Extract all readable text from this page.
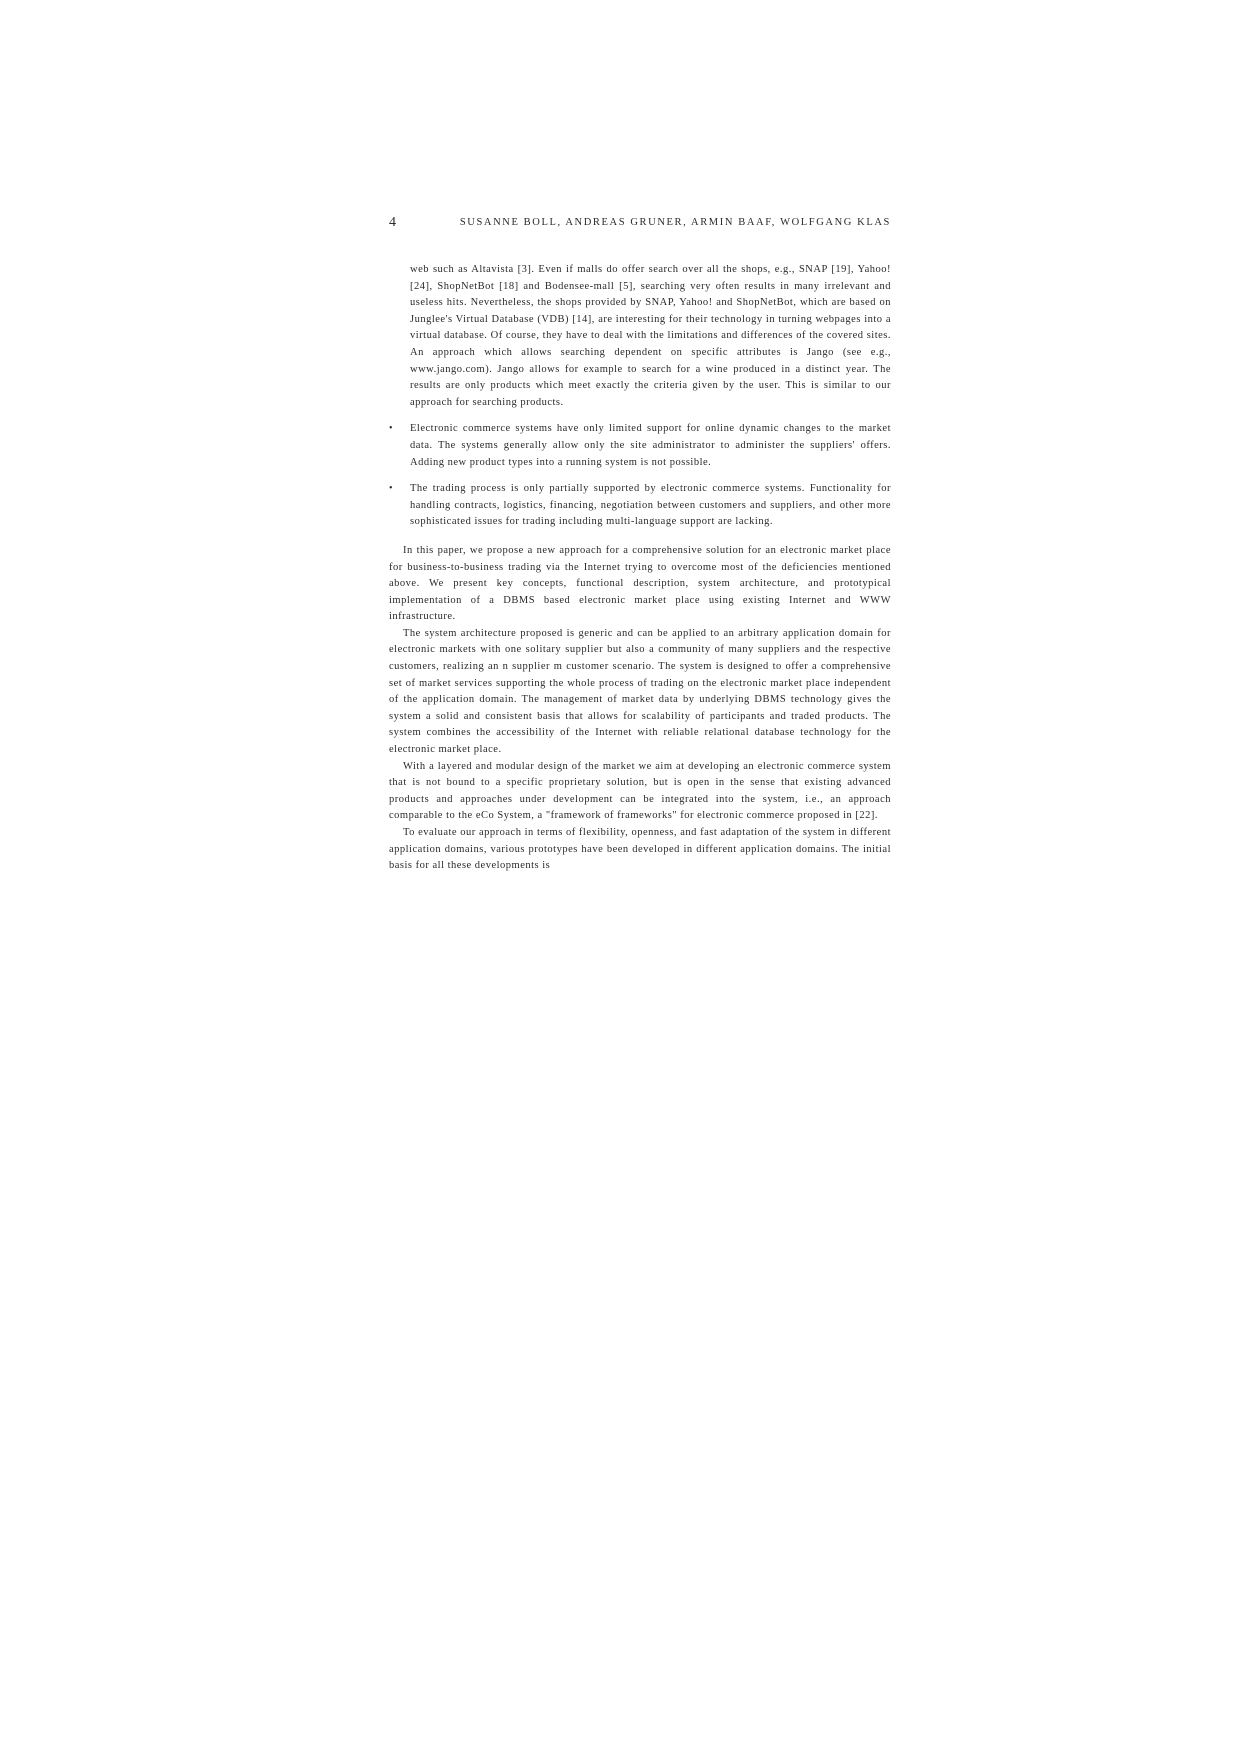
4	SUSANNE BOLL, ANDREAS GRUNER, ARMIN BAAF, WOLFGANG KLAS

web such as Altavista [3]. Even if malls do offer search over all the shops, e.g., SNAP [19], Yahoo! [24], ShopNetBot [18] and Bodensee-mall [5], searching very often results in many irrelevant and useless hits. Nevertheless, the shops provided by SNAP, Yahoo! and ShopNetBot, which are based on Junglee's Virtual Database (VDB) [14], are interesting for their technology in turning webpages into a virtual database. Of course, they have to deal with the limitations and differences of the covered sites. An approach which allows searching dependent on specific attributes is Jango (see e.g., www.jango.com). Jango allows for example to search for a wine produced in a distinct year. The results are only products which meet exactly the criteria given by the user. This is similar to our approach for searching products.

• Electronic commerce systems have only limited support for online dynamic changes to the market data. The systems generally allow only the site administrator to administer the suppliers' offers. Adding new product types into a running system is not possible.
• The trading process is only partially supported by electronic commerce systems. Functionality for handling contracts, logistics, financing, negotiation between customers and suppliers, and other more sophisticated issues for trading including multi-language support are lacking.

In this paper, we propose a new approach for a comprehensive solution for an electronic market place for business-to-business trading via the Internet trying to overcome most of the deficiencies mentioned above. We present key concepts, functional description, system architecture, and prototypical implementation of a DBMS based electronic market place using existing Internet and WWW infrastructure.

The system architecture proposed is generic and can be applied to an arbitrary application domain for electronic markets with one solitary supplier but also a community of many suppliers and the respective customers, realizing an n supplier m customer scenario. The system is designed to offer a comprehensive set of market services supporting the whole process of trading on the electronic market place independent of the application domain. The management of market data by underlying DBMS technology gives the system a solid and consistent basis that allows for scalability of participants and traded products. The system combines the accessibility of the Internet with reliable relational database technology for the electronic market place.

With a layered and modular design of the market we aim at developing an electronic commerce system that is not bound to a specific proprietary solution, but is open in the sense that existing advanced products and approaches under development can be integrated into the system, i.e., an approach comparable to the eCo System, a "framework of frameworks" for electronic commerce proposed in [22].

To evaluate our approach in terms of flexibility, openness, and fast adaptation of the system in different application domains, various prototypes have been developed in different application domains. The initial basis for all these developments is
